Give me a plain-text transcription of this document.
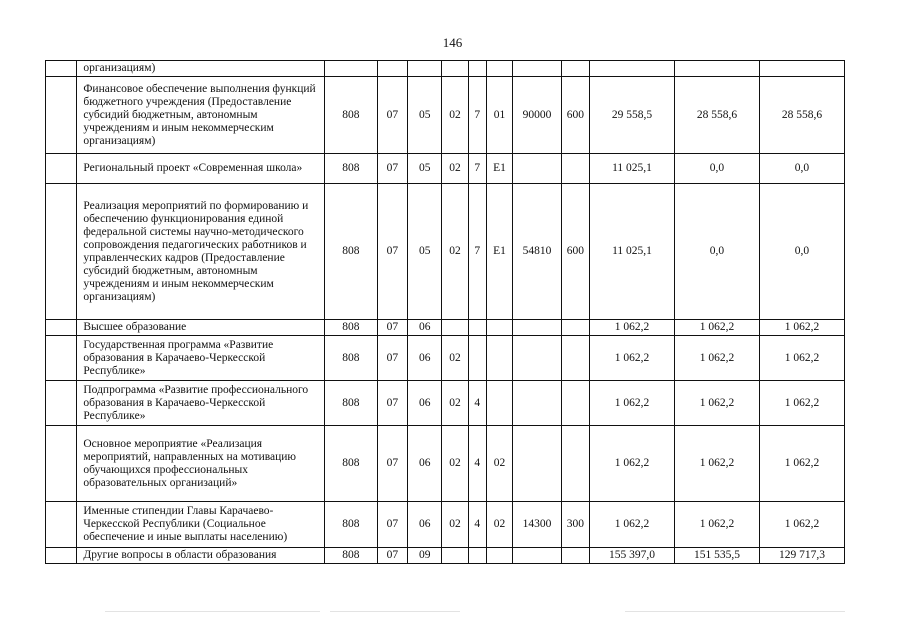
146
	организациям)											
	Финансовое обеспечение выполнения функций бюджетного учреждения (Предоставление субсидий бюджетным, автономным учреждениям и иным некоммерческим организациям)	808	07	05	02	7	01	90000	600	29 558,5	28 558,6	28 558,6
	Региональный проект «Современная школа»	808	07	05	02	7	E1			11 025,1	0,0	0,0
	Реализация мероприятий по формированию и обеспечению функционирования единой федеральной системы научно-методического сопровождения педагогических работников и управленческих кадров (Предоставление субсидий бюджетным, автономным учреждениям и иным некоммерческим организациям)	808	07	05	02	7	E1	54810	600	11 025,1	0,0	0,0
	Высшее образование	808	07	06						1 062,2	1 062,2	1 062,2
	Государственная программа «Развитие образования в Карачаево-Черкесской Республике»	808	07	06	02					1 062,2	1 062,2	1 062,2
	Подпрограмма «Развитие профессионального образования в Карачаево-Черкесской Республике»	808	07	06	02	4				1 062,2	1 062,2	1 062,2
	Основное мероприятие «Реализация мероприятий, направленных на мотивацию обучающихся профессиональных образовательных организаций»	808	07	06	02	4	02			1 062,2	1 062,2	1 062,2
	Именные стипендии Главы Карачаево-Черкесской Республики (Социальное обеспечение и иные выплаты населению)	808	07	06	02	4	02	14300	300	1 062,2	1 062,2	1 062,2
	Другие вопросы в области образования	808	07	09						155 397,0	151 535,5	129 717,3
